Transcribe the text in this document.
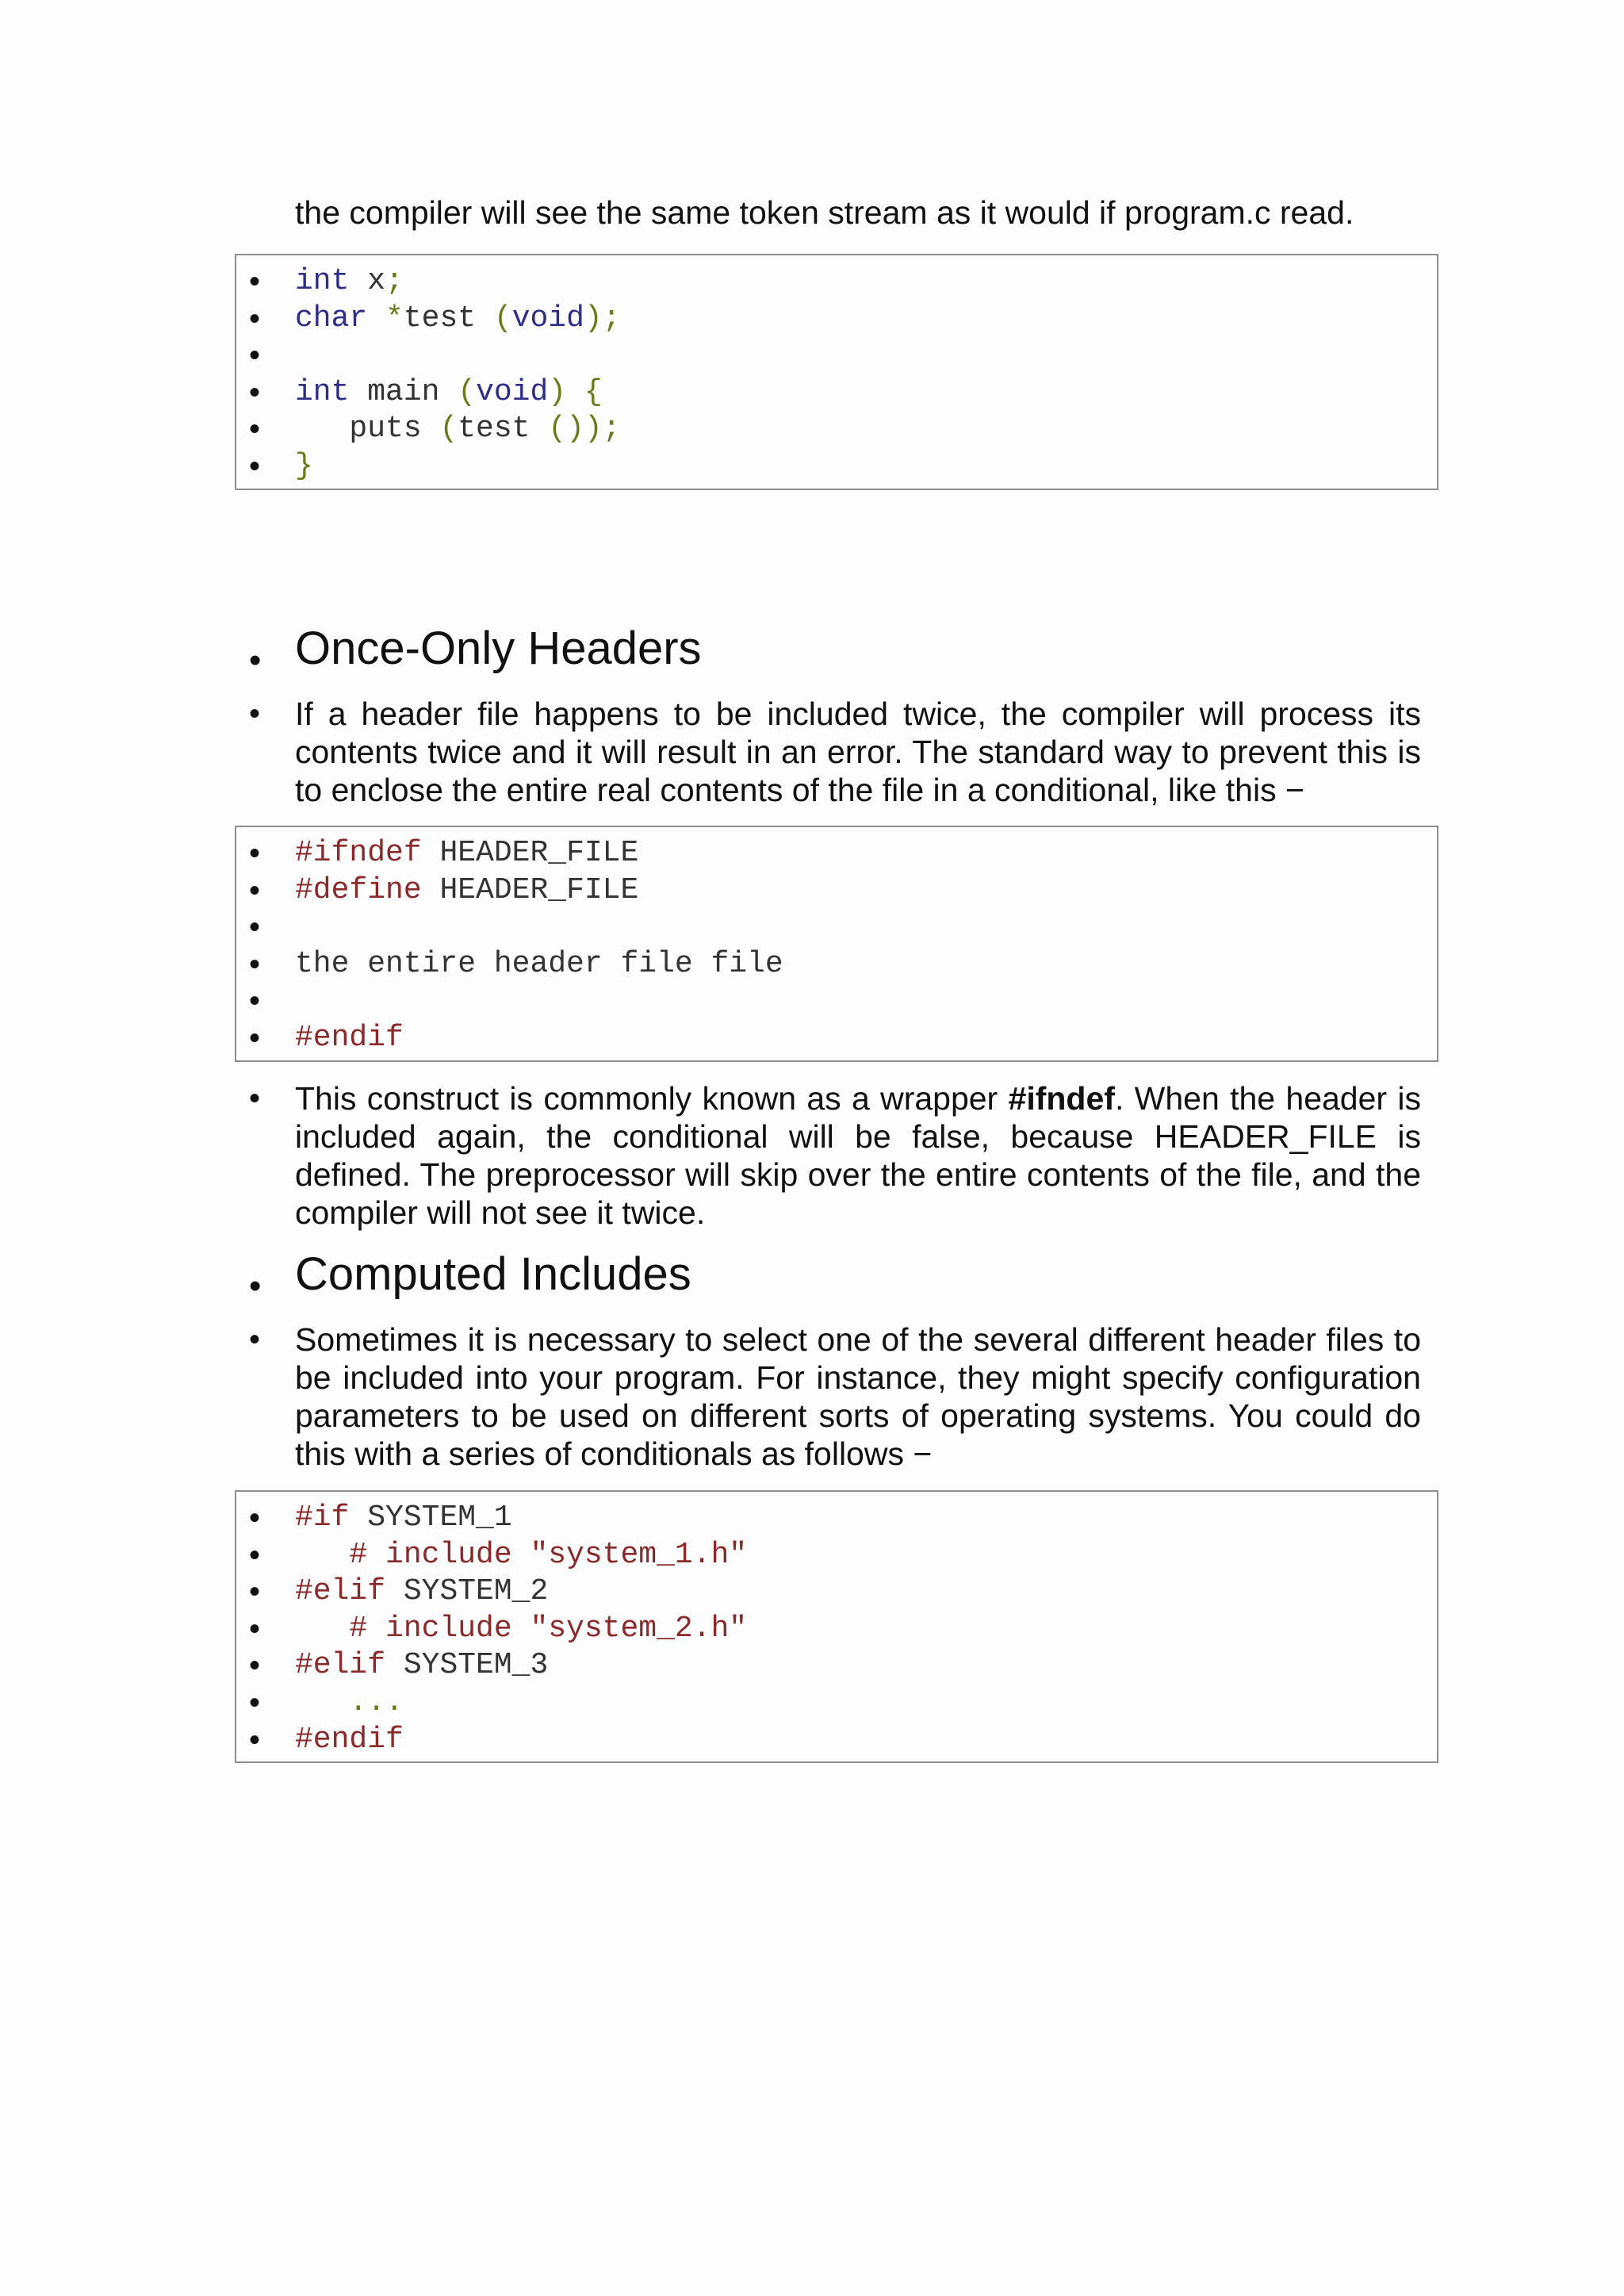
the compiler will see the same token stream as it would if program.c read.
• int x;
• char *test (void);
•
• int main (void) {
• puts (test ());
• }
• Once-Only Headers
• If a header file happens to be included twice, the compiler will process its contents twice and it will result in an error. The standard way to prevent this is to enclose the entire real contents of the file in a conditional, like this −
• #ifndef HEADER_FILE
• #define HEADER_FILE
•
• the entire header file file
•
• #endif
• This construct is commonly known as a wrapper #ifndef. When the header is included again, the conditional will be false, because HEADER_FILE is defined. The preprocessor will skip over the entire contents of the file, and the compiler will not see it twice.
• Computed Includes
• Sometimes it is necessary to select one of the several different header files to be included into your program. For instance, they might specify configuration parameters to be used on different sorts of operating systems. You could do this with a series of conditionals as follows −
• #if SYSTEM_1
• # include "system_1.h"
• #elif SYSTEM_2
• # include "system_2.h"
• #elif SYSTEM_3
• ...
• #endif
